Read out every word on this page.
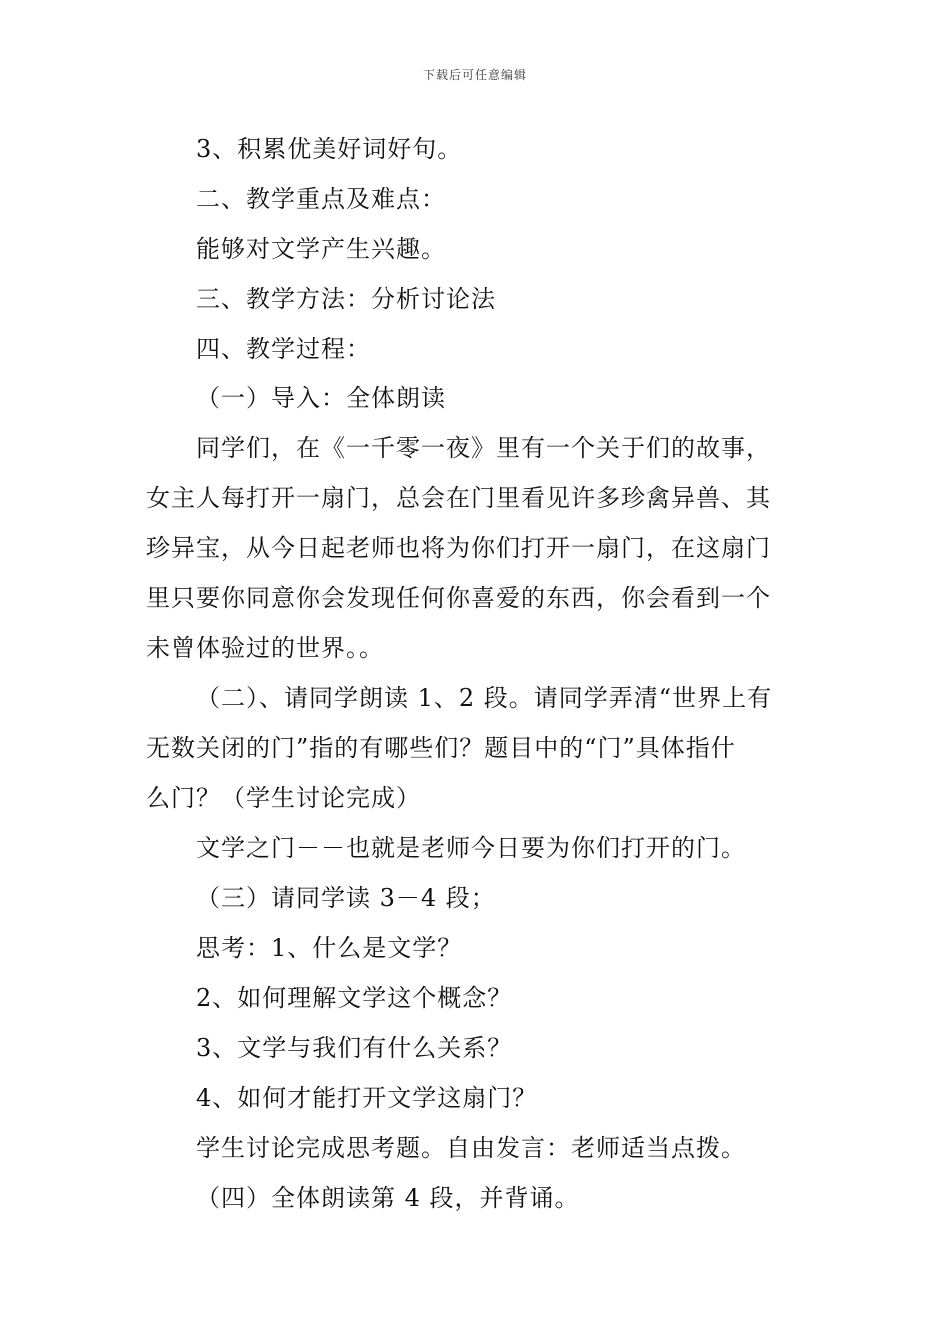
下载后可任意编辑
3、积累优美好词好句。
二、教学重点及难点：
能够对文学产生兴趣。
三、教学方法：分析讨论法
四、教学过程：
（一）导入：全体朗读
同学们，在《一千零一夜》里有一个关于们的故事，
女主人每打开一扇门，总会在门里看见许多珍禽异兽、其
珍异宝，从今日起老师也将为你们打开一扇门，在这扇门
里只要你同意你会发现任何你喜爱的东西，你会看到一个
未曾体验过的世界。。
（二）、请同学朗读 1、2 段。请同学弄清“世界上有
无数关闭的门”指的有哪些们？题目中的“门”具体指什
么门？（学生讨论完成）
文学之门－－也就是老师今日要为你们打开的门。
（三）请同学读 3－4 段；
思考：1、什么是文学？
2、如何理解文学这个概念？
3、文学与我们有什么关系？
4、如何才能打开文学这扇门？
学生讨论完成思考题。自由发言：老师适当点拨。
（四）全体朗读第 4 段，并背诵。
